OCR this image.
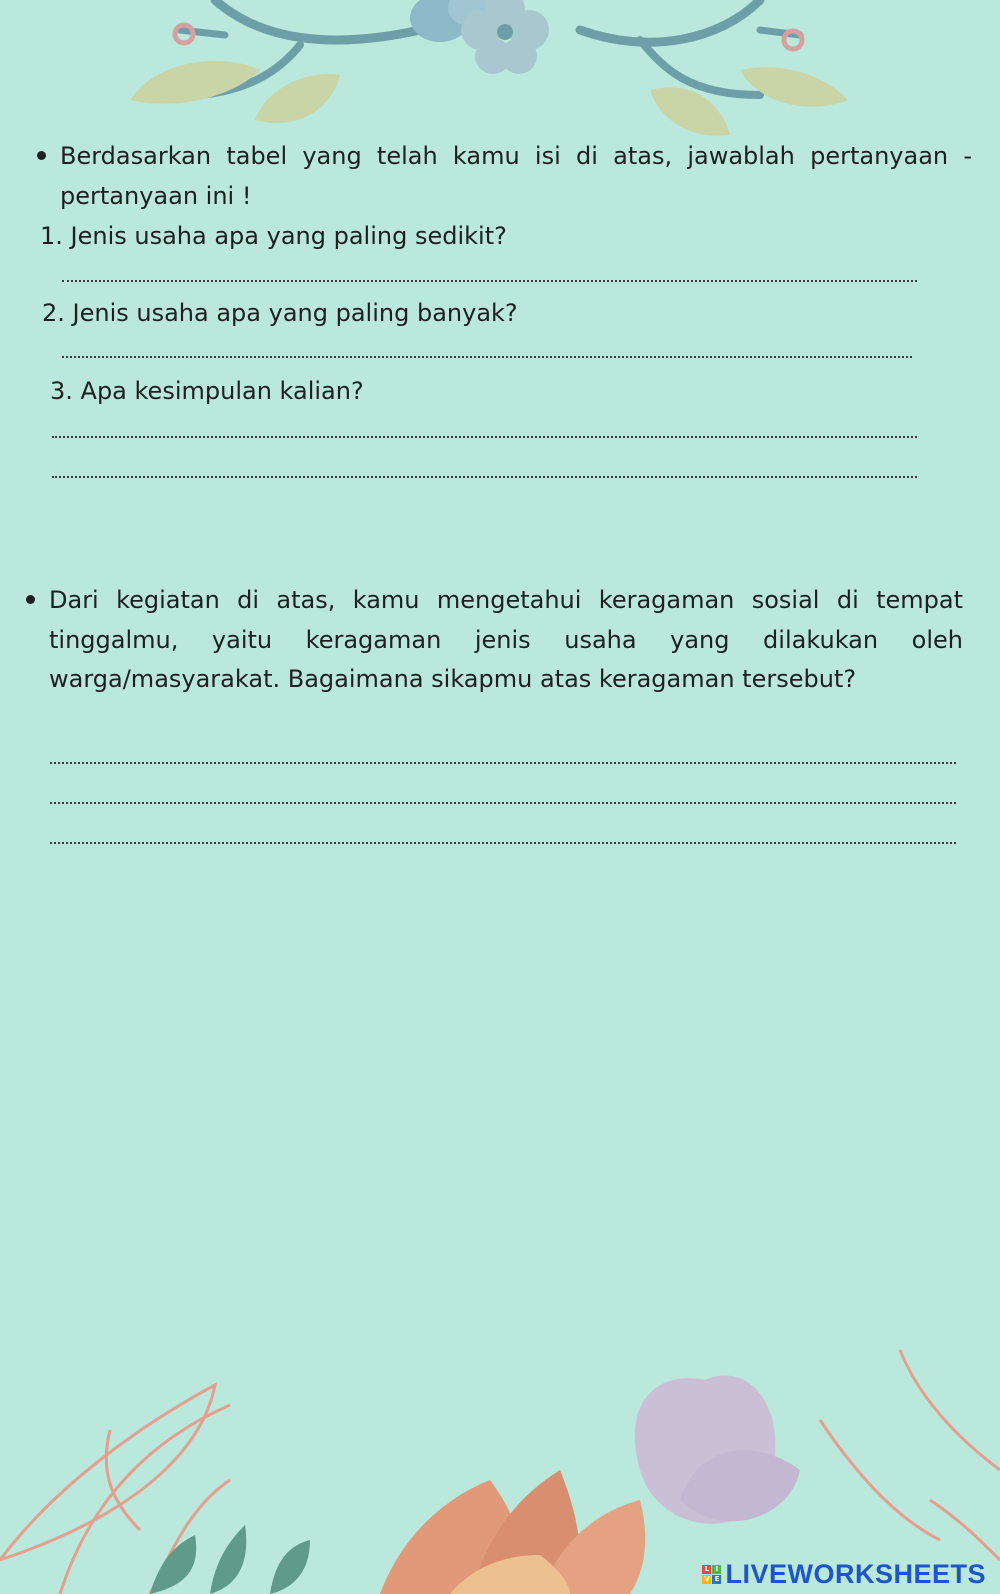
Berdasarkan tabel yang telah kamu isi di atas, jawablah pertanyaan - pertanyaan ini !

1. Jenis usaha apa yang paling sedikit?

2. Jenis usaha apa yang paling banyak?

3. Apa kesimpulan kalian?

Dari kegiatan di atas, kamu mengetahui keragaman sosial di tempat tinggalmu, yaitu keragaman jenis usaha yang dilakukan oleh warga/masyarakat. Bagaimana sikapmu atas keragaman tersebut?

L I
V E LIVEWORKSHEETS
